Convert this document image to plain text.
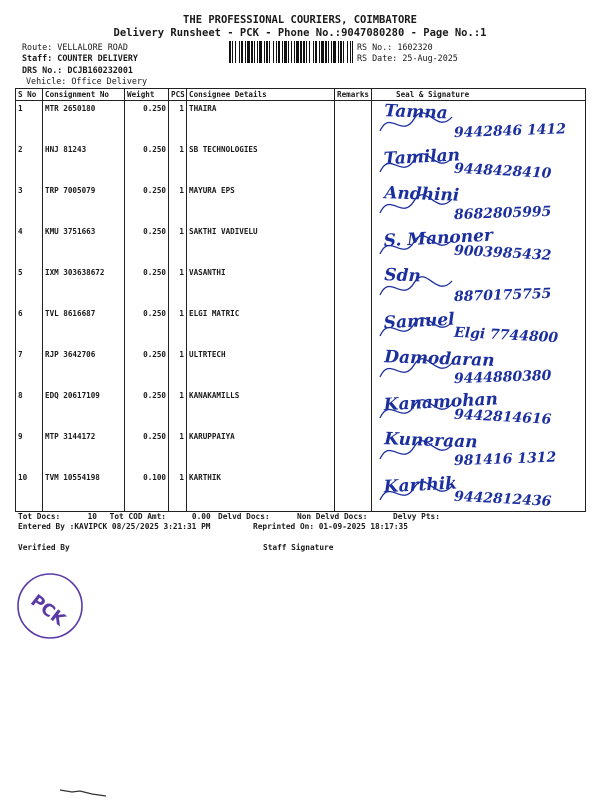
THE PROFESSIONAL COURIERS, COIMBATORE
Delivery Runsheet - PCK - Phone No.:9047080280 - Page No.:1
Route: VELLALORE ROAD
Staff: COUNTER DELIVERY
DRS No.: DCJB160232001
Vehicle: Office Delivery
RS No.: 1602320
RS Date: 25-Aug-2025
S No	Consignment No	Weight	PCS	Consignee Details	Remarks	Seal & Signature
1	MTR 2650180	0.250	1	THAIRA		Tamna
9442846 1412

2	HNJ 81243	0.250	1	SB TECHNOLOGIES		Tamilan
9448428410

3	TRP 7005079	0.250	1	MAYURA EPS		Andhini
8682805995

4	KMU 3751663	0.250	1	SAKTHI VADIVELU		S. Manoner
9003985432

5	IXM 303638672	0.250	1	VASANTHI		Sdn
8870175755

6	TVL 8616687	0.250	1	ELGI MATRIC		Samuel
Elgi 7744800

7	RJP 3642706	0.250	1	ULTRTECH		Damodaran
9444880380

8	EDQ 20617109	0.250	1	KANAKAMILLS		Kanamohan
9442814616

9	MTP 3144172	0.250	1	KARUPPAIYA		Kuneraan
981416 1312

10	TVM 10554198	0.100	1	KARTHIK		Karthik
9442812436
Tot Docs:	10 Tot COD Amt:	0.00 Delvd Docs:	Non Delvd Docs:	Delvy Pts:
Entered By :KAVIPCK 08/25/2025 3:21:31 PM	Reprinted On: 01-09-2025 18:17:35
Verified By	Staff Signature
PCK
